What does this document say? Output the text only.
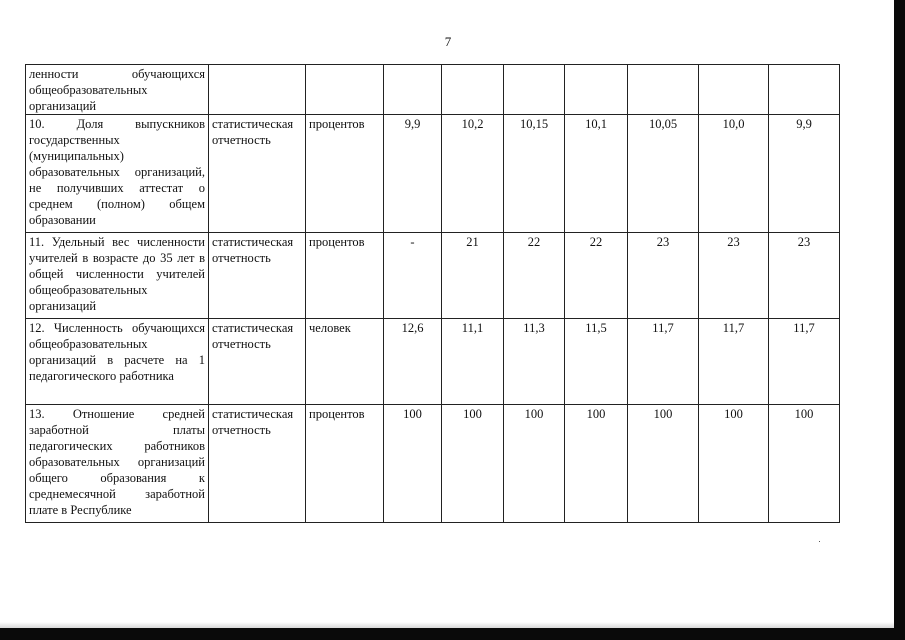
7
ленности обучающихся общеобразовательных организаций									
10. Доля выпускников государственных (муниципальных) образовательных организаций, не получивших аттестат о среднем (полном) общем образовании	статистическая отчетность	процентов	9,9	10,2	10,15	10,1	10,05	10,0	9,9
11. Удельный вес численности учителей в возрасте до 35 лет в общей численности учителей общеобразовательных организаций	статистическая отчетность	процентов	-	21	22	22	23	23	23
12. Численность обучающихся общеобразовательных организаций в расчете на 1 педагогического работника	статистическая отчетность	человек	12,6	11,1	11,3	11,5	11,7	11,7	11,7
13. Отношение средней заработной платы педагогических работников образовательных организаций общего образования к среднемесячной заработной плате в Республике	статистическая отчетность	процентов	100	100	100	100	100	100	100
